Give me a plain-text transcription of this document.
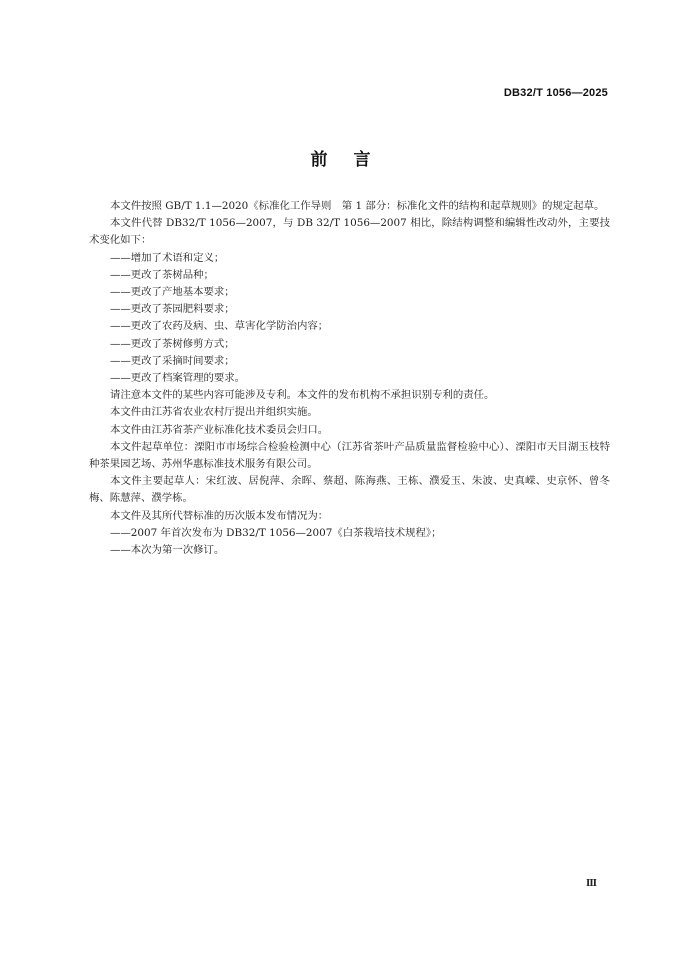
DB32/T 1056—2025
前言

本文件按照 GB/T 1.1—2020《标准化工作导则　第 1 部分：标准化文件的结构和起草规则》的规定起草。

本文件代替 DB32/T 1056—2007，与 DB 32/T 1056—2007 相比，除结构调整和编辑性改动外，主要技术变化如下：

——增加了术语和定义；

——更改了茶树品种；

——更改了产地基本要求；

——更改了茶园肥料要求；

——更改了农药及病、虫、草害化学防治内容；

——更改了茶树修剪方式；

——更改了采摘时间要求；

——更改了档案管理的要求。

请注意本文件的某些内容可能涉及专利。本文件的发布机构不承担识别专利的责任。

本文件由江苏省农业农村厅提出并组织实施。

本文件由江苏省茶产业标准化技术委员会归口。

本文件起草单位：溧阳市市场综合检验检测中心（江苏省茶叶产品质量监督检验中心）、溧阳市天目湖玉枝特种茶果园艺场、苏州华惠标准技术服务有限公司。

本文件主要起草人：宋红波、居倪萍、余晖、蔡超、陈海燕、王栋、濮爱玉、朱波、史真嵘、史京怀、曾冬梅、陈慧萍、濮学栋。

本文件及其所代替标准的历次版本发布情况为：

——2007 年首次发布为 DB32/T 1056—2007《白茶栽培技术规程》；

——本次为第一次修订。

Ⅲ
